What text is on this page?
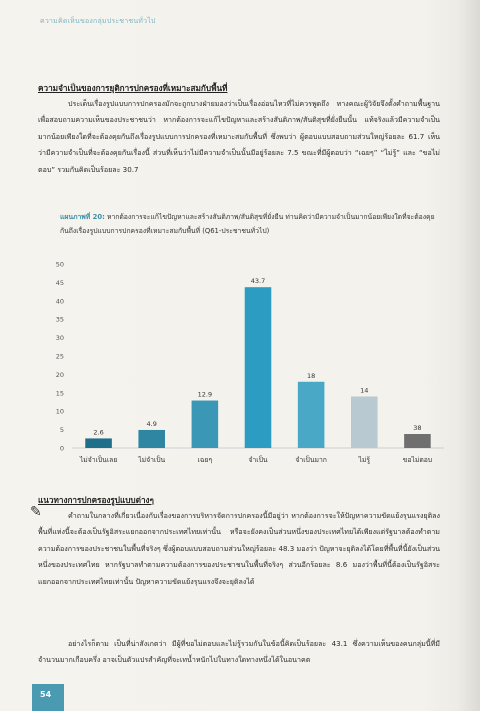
ความคิดเห็นของกลุ่มประชาชนทั่วไป
ความจำเป็นของการยุติการปกครองที่เหมาะสมกับพื้นที่
ประเด็นเรื่องรูปแบบการปกครองมักจะถูกบางฝ่ายมองว่าเป็นเรื่องอ่อนไหวที่ไม่ควรพูดถึง ทางคณะผู้วิจัยจึงตั้งคำถามพื้นฐานเพื่อสอบถามความเห็นของประชาชนว่า หากต้องการจะแก้ไขปัญหาและสร้างสันติภาพ/สันติสุขที่ยั่งยืนนั้น แท้จริงแล้วมีความจำเป็นมากน้อยเพียงใดที่จะต้องคุยกันถึงเรื่องรูปแบบการปกครองที่เหมาะสมกับพื้นที่ ซึ่งพบว่า ผู้ตอบแบบสอบถามส่วนใหญ่ร้อยละ 61.7 เห็นว่ามีความจำเป็นที่จะต้องคุยกันเรื่องนี้ ส่วนที่เห็นว่าไม่มีความจำเป็นนั้นมีอยู่ร้อยละ 7.5 ขณะที่มีผู้ตอบว่า “เฉยๆ” “ไม่รู้” และ “ขอไม่ตอบ” รวมกันคิดเป็นร้อยละ 30.7
แผนภาพที่ 20: หากต้องการจะแก้ไขปัญหาและสร้างสันติภาพ/สันติสุขที่ยั่งยืน ท่านคิดว่ามีความจำเป็นมากน้อยเพียงใดที่จะต้องคุยกันถึงเรื่องรูปแบบการปกครองที่เหมาะสมกับพื้นที่ (Q61-ประชาชนทั่วไป)
0
5
10
15
20
25
30
35
40
45
50
2.6
ไม่จำเป็นเลย
4.9
ไม่จำเป็น
12.9
เฉยๆ
43.7
จำเป็น
18
จำเป็นมาก
14
ไม่รู้
38
ขอไม่ตอบ
แนวทางการปกครองรูปแบบต่างๆ
✎	คำถามในกลางที่เกี่ยวเนื่องกับเรื่องของการบริหารจัดการปกครองนี้มีอยู่ว่า หากต้องการจะให้ปัญหาความขัดแย้งรุนแรงยุติลง พื้นที่แห่งนี้จะต้องเป็นรัฐอิสระแยกออกจากประเทศไทยเท่านั้น หรือจะยังคงเป็นส่วนหนึ่งของประเทศไทยได้เพียงแต่รัฐบาลต้องทำตามความต้องการของประชาชนในพื้นที่จริงๆ ซึ่งผู้ตอบแบบสอบถามส่วนใหญ่ร้อยละ 48.3 มองว่า ปัญหาจะยุติลงได้โดยที่พื้นที่นี้ยังเป็นส่วนหนึ่งของประเทศไทย หากรัฐบาลทำตามความต้องการของประชาชนในพื้นที่จริงๆ ส่วนอีกร้อยละ 8.6 มองว่าพื้นที่นี้ต้องเป็นรัฐอิสระแยกออกจากประเทศไทยเท่านั้น ปัญหาความขัดแย้งรุนแรงจึงจะยุติลงได้
อย่างไรก็ตาม เป็นที่น่าสังเกตว่า มีผู้ที่ขอไม่ตอบและไม่รู้รวมกันในข้อนี้คิดเป็นร้อยละ 43.1 ซึ่งความเห็นของคนกลุ่มนี้ที่มีจำนวนมากเกือบครึ่ง อาจเป็นตัวแปรสำคัญที่จะเทน้ำหนักไปในทางใดทางหนึ่งได้ในอนาคต
54
